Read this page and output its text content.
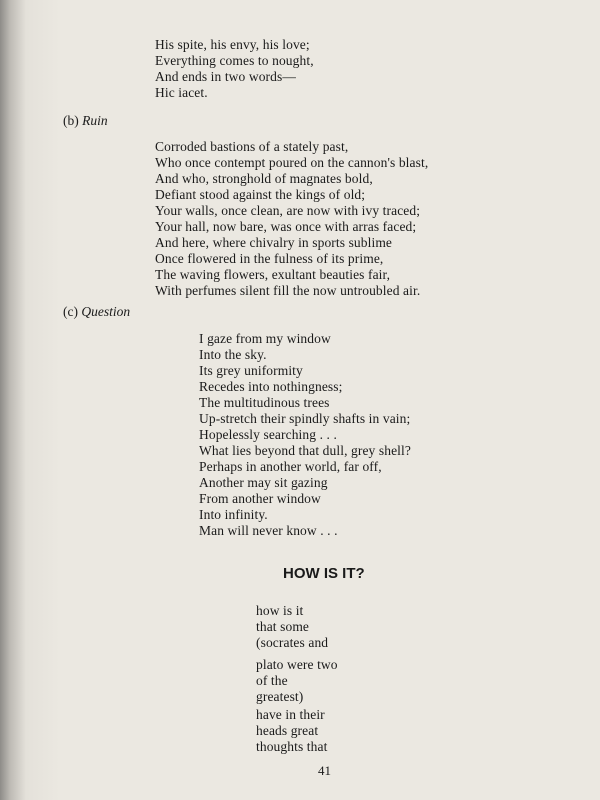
His spite, his envy, his love;
Everything comes to nought,
And ends in two words—
Hic iacet.
(b) Ruin
Corroded bastions of a stately past,
Who once contempt poured on the cannon's blast,
And who, stronghold of magnates bold,
Defiant stood against the kings of old;
Your walls, once clean, are now with ivy traced;
Your hall, now bare, was once with arras faced;
And here, where chivalry in sports sublime
Once flowered in the fulness of its prime,
The waving flowers, exultant beauties fair,
With perfumes silent fill the now untroubled air.
(c) Question
I gaze from my window
Into the sky.
Its grey uniformity
Recedes into nothingness;
The multitudinous trees
Up-stretch their spindly shafts in vain;
Hopelessly searching . . .
What lies beyond that dull, grey shell?
Perhaps in another world, far off,
Another may sit gazing
From another window
Into infinity.
Man will never know . . .
HOW IS IT?
how is it
that some
(socrates and
plato were two
of the
greatest)
have in their
heads great
thoughts that
41
